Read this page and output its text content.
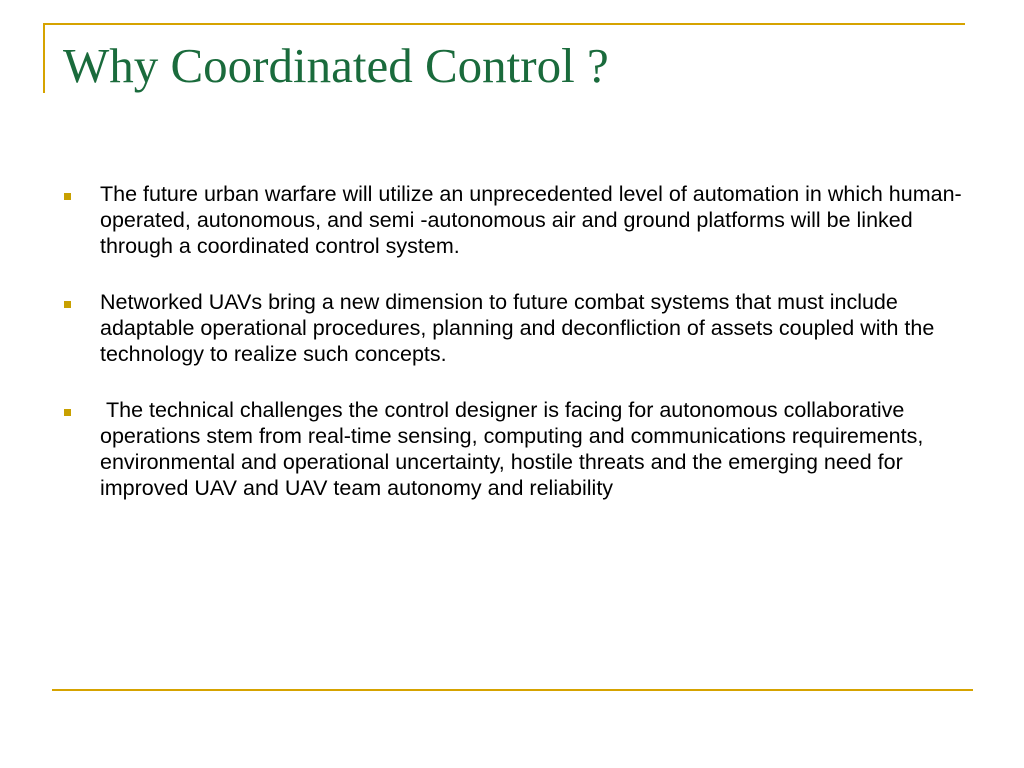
Why Coordinated Control ?
The future urban warfare will utilize an unprecedented level of automation in which human-operated, autonomous, and semi -autonomous air and ground platforms will be linked through a coordinated control system.
Networked UAVs bring a new dimension to future combat systems that must include adaptable operational procedures, planning and deconfliction of assets coupled with the technology to realize such concepts.
The technical challenges the control designer is facing for autonomous collaborative operations stem from real-time sensing, computing and communications requirements, environmental and operational uncertainty, hostile threats and the emerging need for improved UAV and UAV team autonomy and reliability
